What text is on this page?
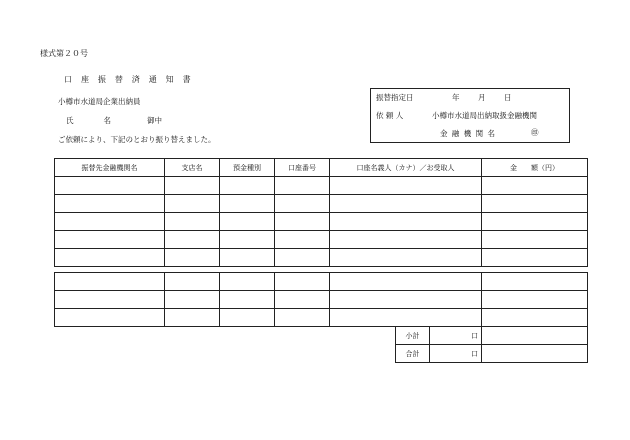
様式第２０号
口 座 振 替 済 通 知 書
小樽市水道局企業出納員
氏　　　　名	御中
ご依頼により、下記のとおり振り替えました。
振替指定日	年 月 日
依 頼 人	小樽市水道局出納取扱金融機関
金 融 機 関 名	㊞
振替先金融機関名	支店名	預金種別	口座番号	口座名義人（カナ）／お受取人	金　　額（円）

小計	口	
合計	口	
